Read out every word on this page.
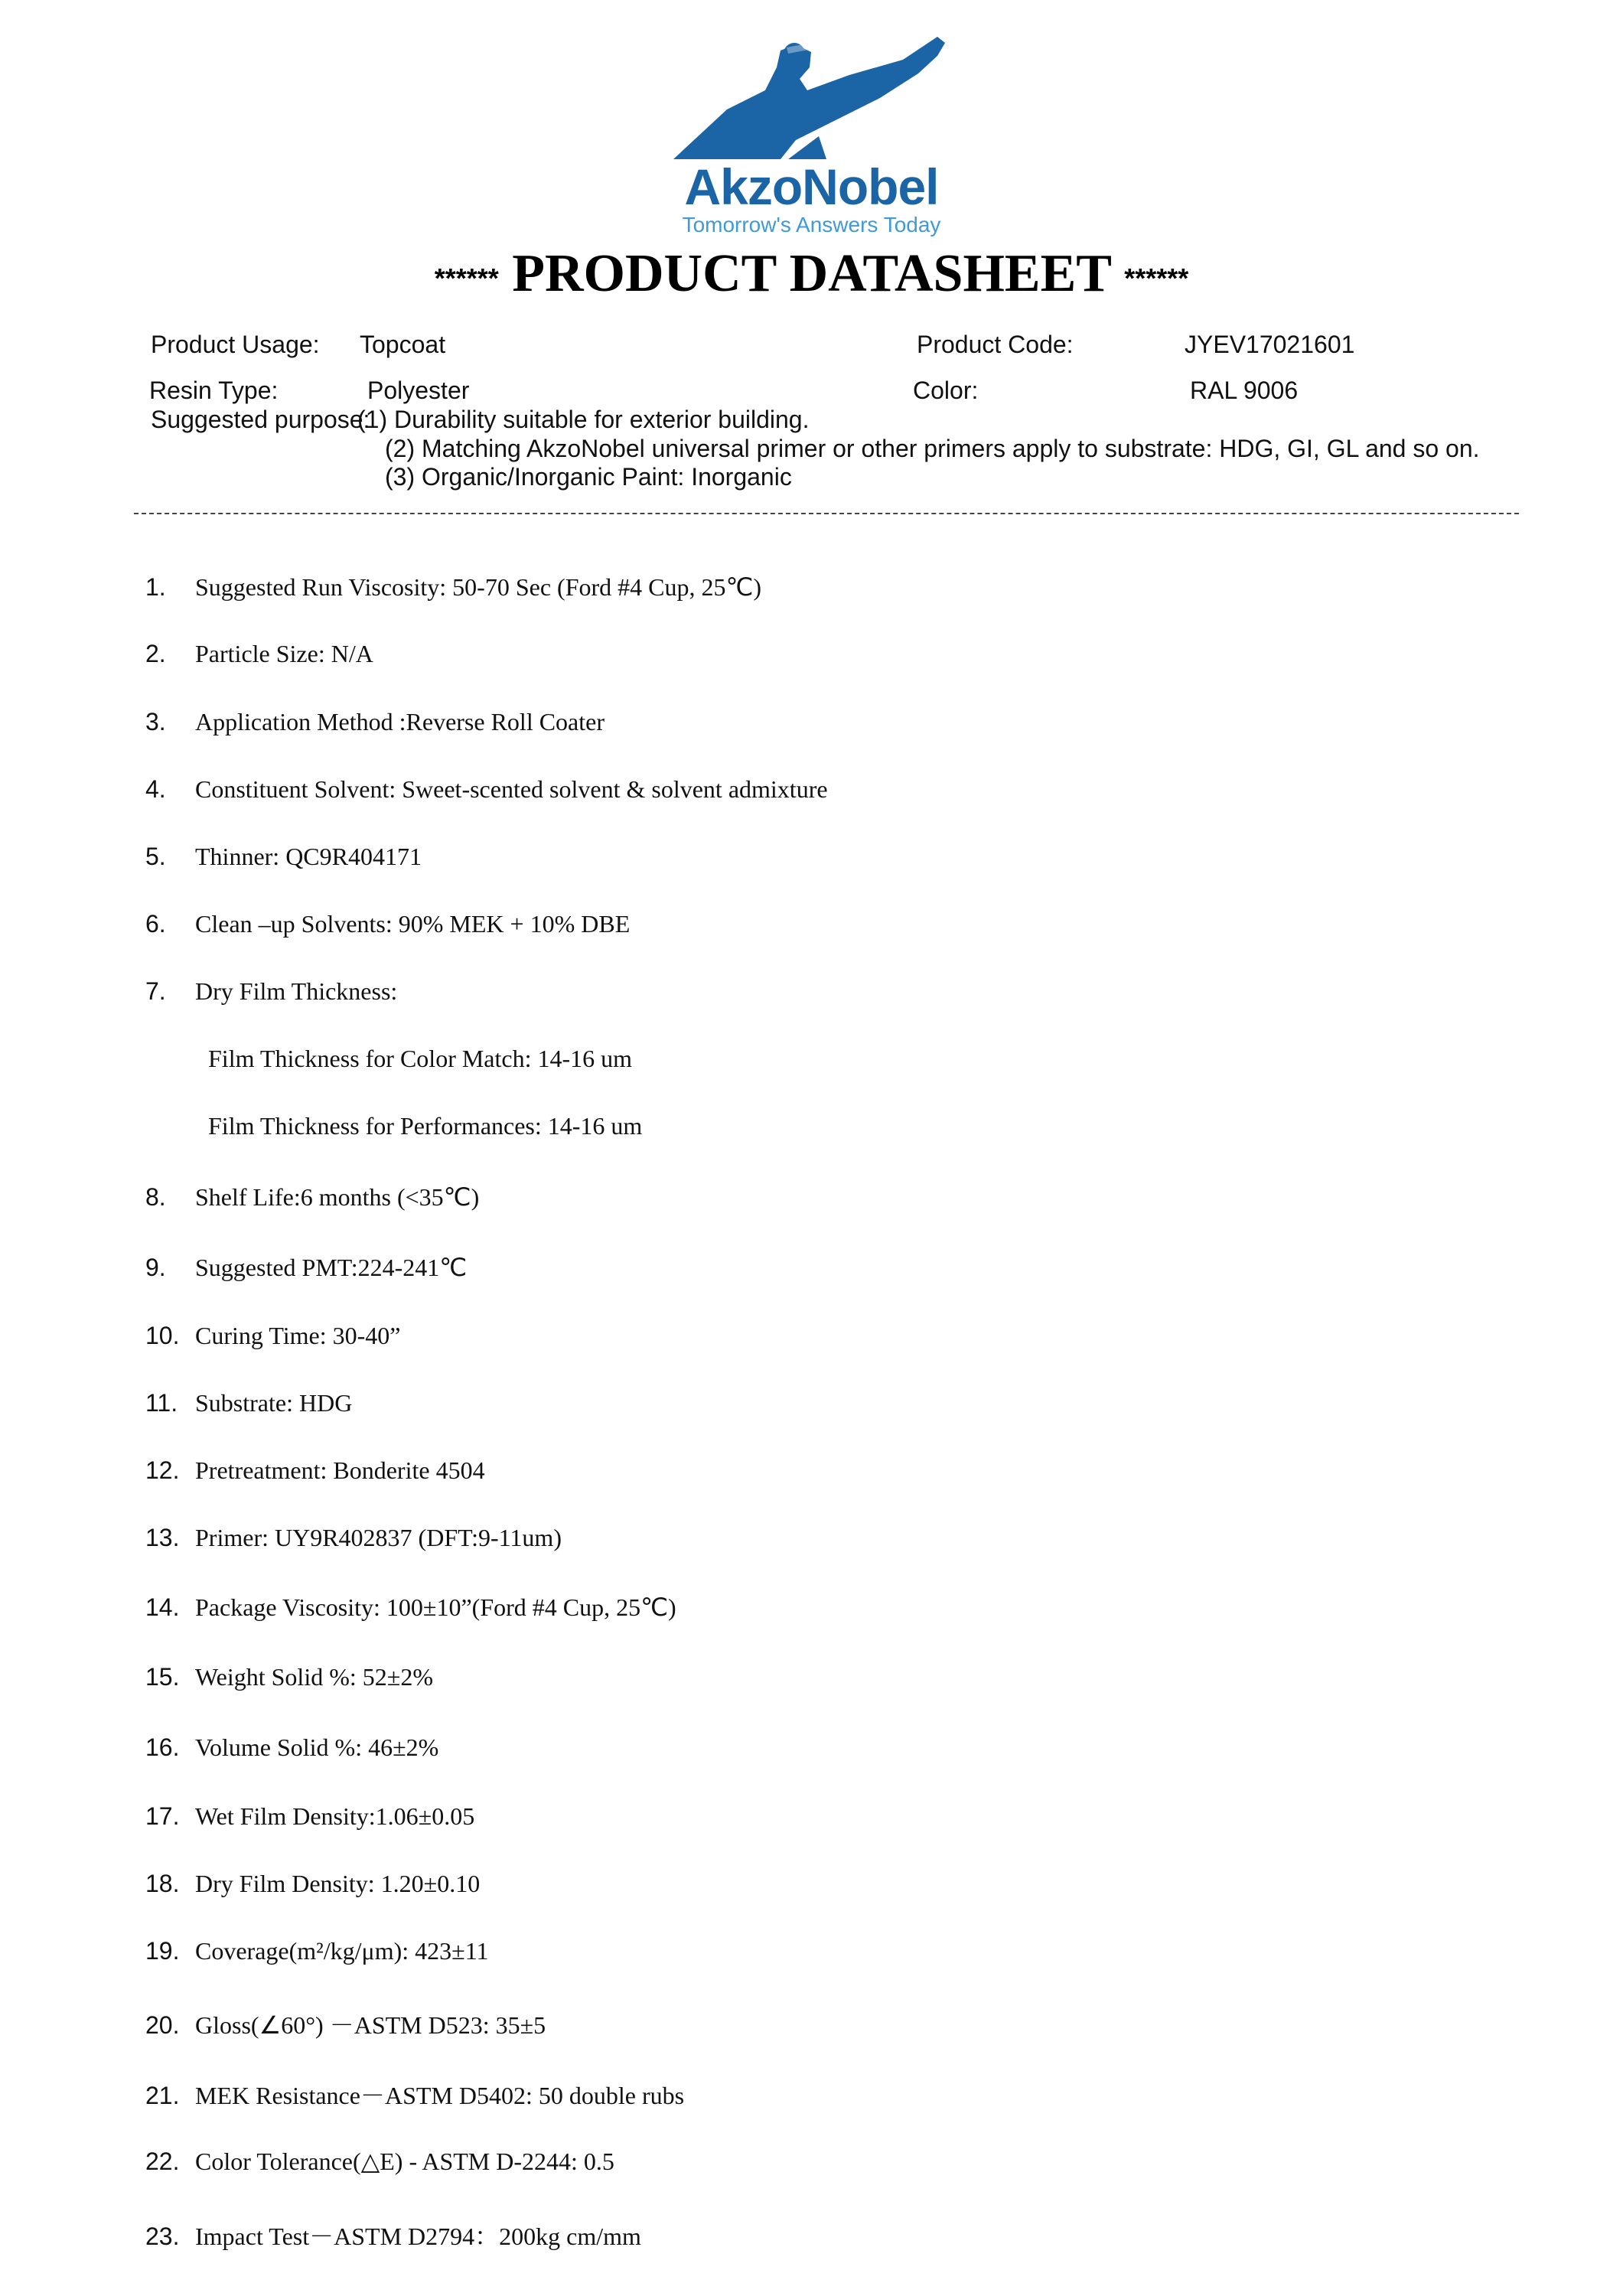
AkzoNobel
Tomorrow's Answers Today
****** PRODUCT DATASHEET ******
Product Usage: Topcoat	Product Code:	JYEV17021601
Resin Type:	Polyester	Color:	RAL 9006
Suggested purpose:
(1) Durability suitable for exterior building.
(2) Matching AkzoNobel universal primer or other primers apply to substrate: HDG, GI, GL and so on.
(3) Organic/Inorganic Paint: Inorganic
1. Suggested Run Viscosity: 50-70 Sec (Ford #4 Cup, 25℃)
2. Particle Size: N/A
3. Application Method :Reverse Roll Coater
4. Constituent Solvent: Sweet-scented solvent & solvent admixture
5. Thinner: QC9R404171
6. Clean –up Solvents: 90% MEK + 10% DBE
7. Dry Film Thickness:
Film Thickness for Color Match: 14-16 um
Film Thickness for Performances: 14-16 um
8. Shelf Life:6 months (<35℃)
9. Suggested PMT:224-241℃
10. Curing Time: 30-40”
11. Substrate: HDG
12. Pretreatment: Bonderite 4504
13. Primer: UY9R402837 (DFT:9-11um)
14. Package Viscosity: 100±10”(Ford #4 Cup, 25℃)
15. Weight Solid %: 52±2%
16. Volume Solid %: 46±2%
17. Wet Film Density:1.06±0.05
18. Dry Film Density: 1.20±0.10
19. Coverage(m²/kg/μm): 423±11
20. Gloss(∠60°) －ASTM D523: 35±5
21. MEK Resistance－ASTM D5402: 50 double rubs
22. Color Tolerance(△E) - ASTM D-2244: 0.5
23. Impact Test－ASTM D2794：200kg cm/mm
